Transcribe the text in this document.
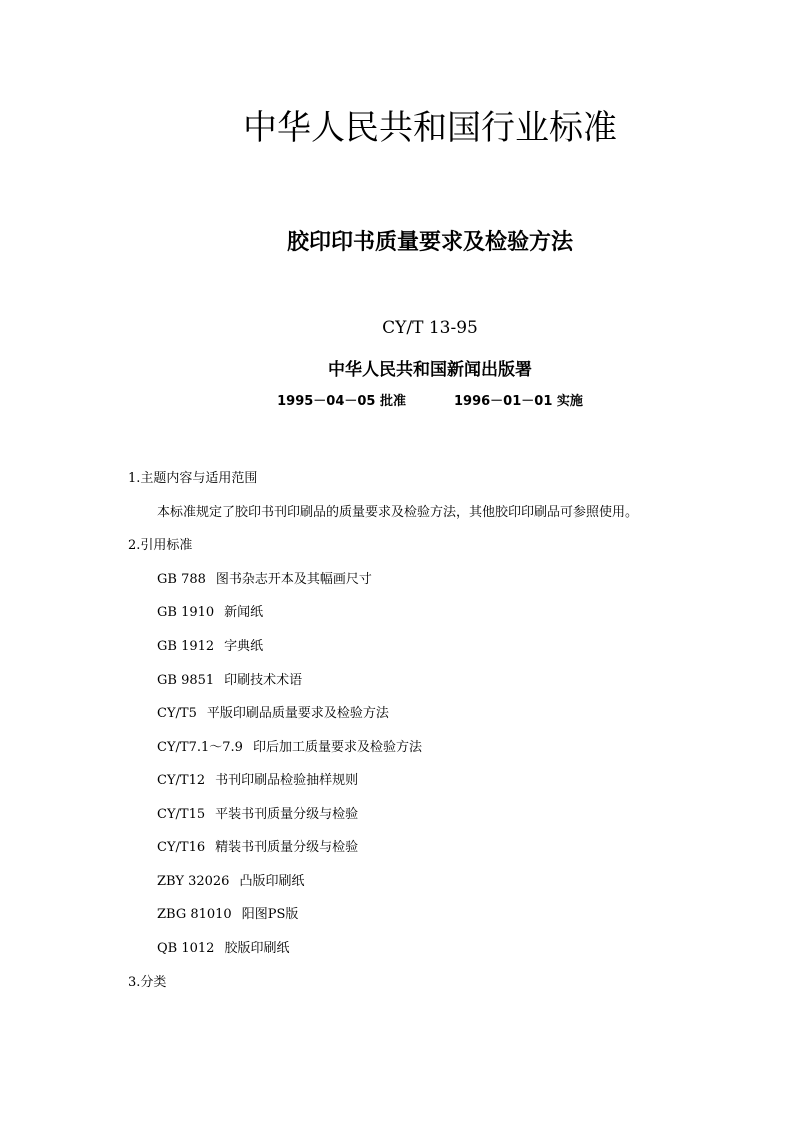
中华人民共和国行业标准
胶印印书质量要求及检验方法
CY/T 13-95
中华人民共和国新闻出版署
1995－04－05 批准	1996－01－01 实施
1.主题内容与适用范围
本标准规定了胶印书刊印刷品的质量要求及检验方法，其他胶印印刷品可参照使用。
2.引用标准
GB 788 图书杂志开本及其幅画尺寸
GB 1910 新闻纸
GB 1912 字典纸
GB 9851 印刷技术术语
CY/T5 平版印刷品质量要求及检验方法
CY/T7.1～7.9 印后加工质量要求及检验方法
CY/T12 书刊印刷品检验抽样规则
CY/T15 平装书刊质量分级与检验
CY/T16 精装书刊质量分级与检验
ZBY 32026 凸版印刷纸
ZBG 81010 阳图PS版
QB 1012 胶版印刷纸
3.分类
